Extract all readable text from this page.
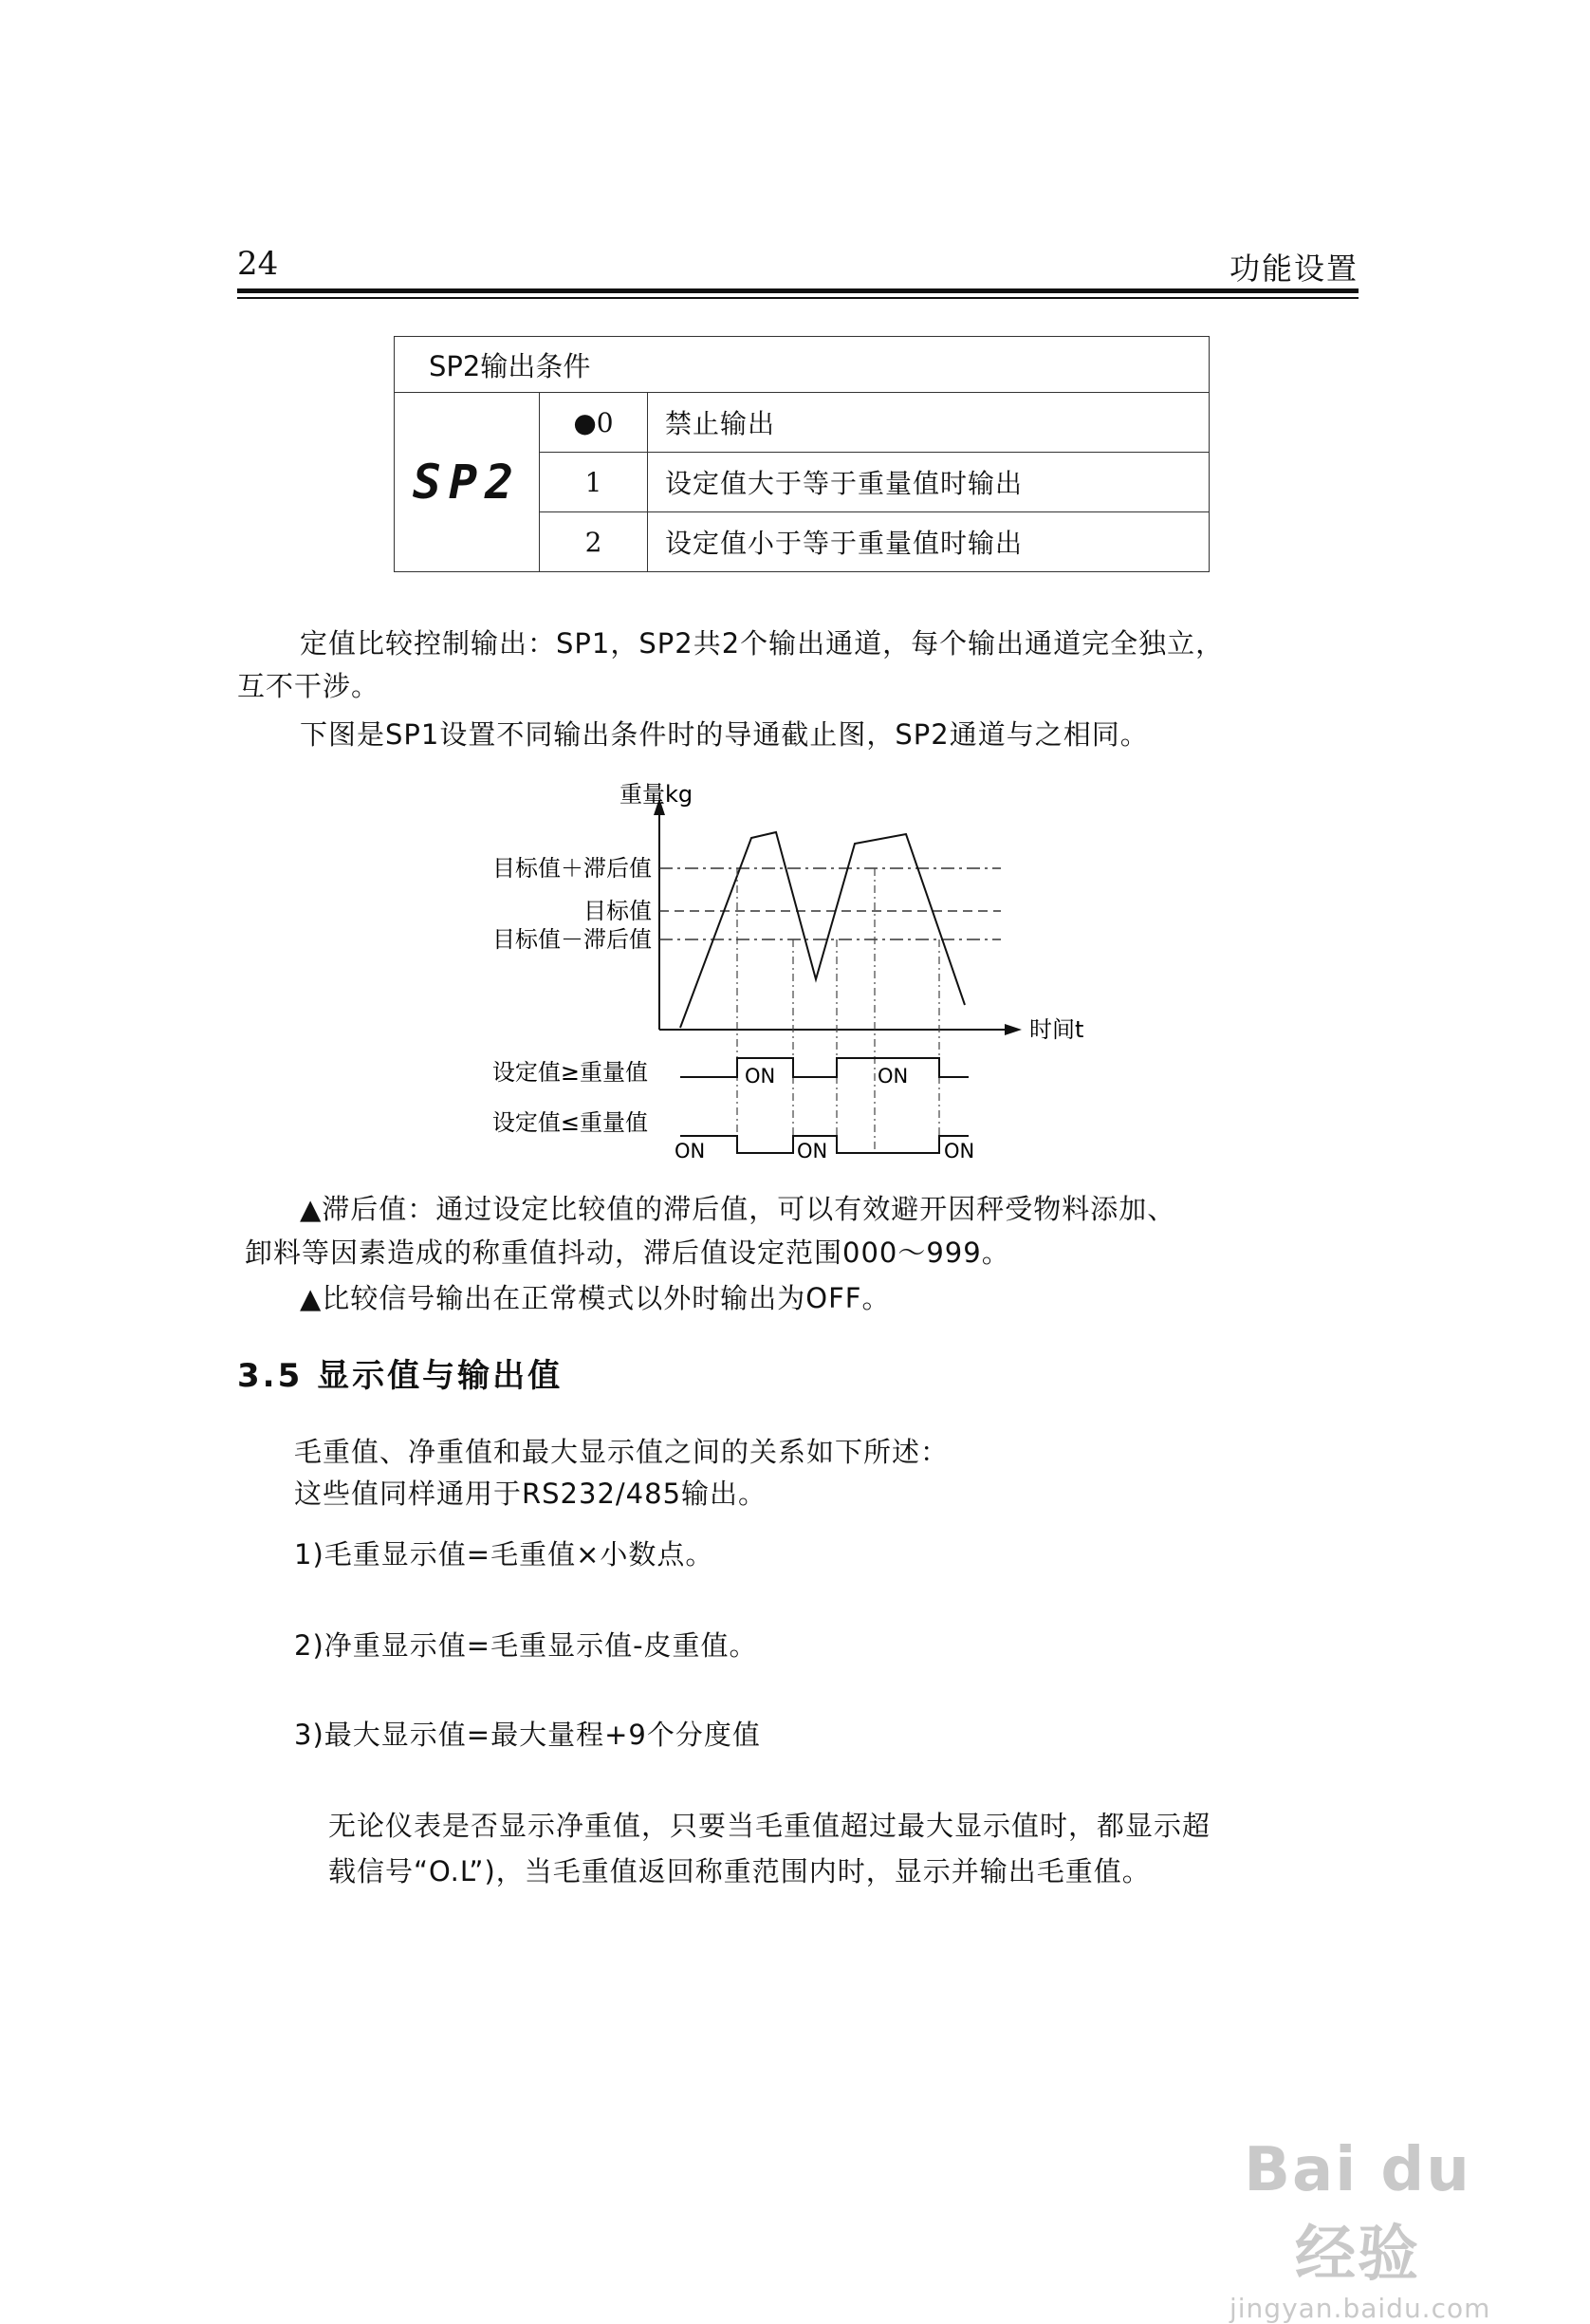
24	功能设置
SP2输出条件		
SP2	●0	禁止输出
	1	设定值大于等于重量值时输出
	2	设定值小于等于重量值时输出
定值比较控制输出：SP1，SP2共2个输出通道，每个输出通道完全独立，
互不干涉。
下图是SP1设置不同输出条件时的导通截止图，SP2通道与之相同。
重量kg
时间t
目标值＋滞后值
目标值
目标值－滞后值
设定值≥重量值	ON	ON
设定值≤重量值
ON	ON	ON
▲滞后值：通过设定比较值的滞后值，可以有效避开因秤受物料添加、
卸料等因素造成的称重值抖动，滞后值设定范围000～999。
▲比较信号输出在正常模式以外时输出为OFF。
3.5 显示值与输出值
毛重值、净重值和最大显示值之间的关系如下所述：
这些值同样通用于RS232/485输出。
1)毛重显示值=毛重值×小数点。
2)净重显示值=毛重显示值-皮重值。
3)最大显示值=最大量程+9个分度值
无论仪表是否显示净重值，只要当毛重值超过最大显示值时，都显示超
载信号“O.L”)，当毛重值返回称重范围内时，显示并输出毛重值。
Bai du 经验
jingyan.baidu.com
